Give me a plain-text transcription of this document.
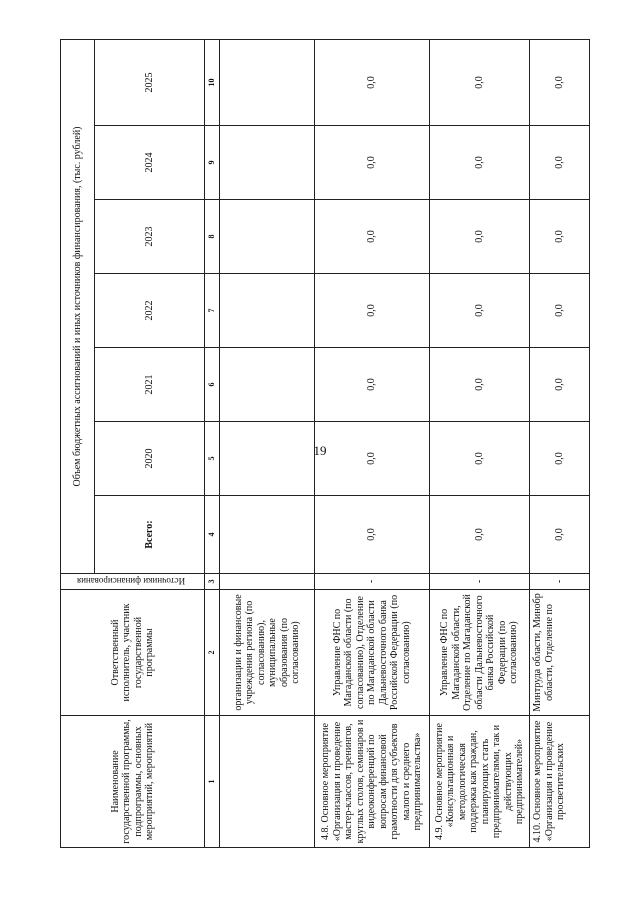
19
Наименование государственной программы, подпрограммы, основных мероприятий, мероприятий	Ответственный исполнитель, участник государственной программы	Источники финансирования	Объем бюджетных ассигнований и иных источников финансирования, (тыс. рублей)						
			Всего:	2020	2021	2022	2023	2024	2025
1	2	3	4	5	6	7	8	9	10
	организации и финансовые учреждения региона (по согласованию), муниципальные образования (по согласованию)								
4.8. Основное мероприятие «Организация и проведение мастер-классов, тренингов, круглых столов, семинаров и видеоконференций по вопросам финансовой грамотности для субъектов малого и среднего предпринимательства»	Управление ФНС по Магаданской области (по согласованию), Отделение по Магаданской области Дальневосточного банка Российской Федерации (по согласованию)	-	0,0	0,0	0,0	0,0	0,0	0,0	0,0
4.9. Основное мероприятие «Консультационная и методологическая поддержка как граждан, планирующих стать предпринимателями, так и действующих предпринимателей»	Управление ФНС по Магаданской области, Отделение по Магаданской области Дальневосточного банка Российской Федерации (по согласованию)	-	0,0	0,0	0,0	0,0	0,0	0,0	0,0
4.10. Основное мероприятие «Организация и проведение просветительских	Минтруда области, Минобр области, Отделение по	-	0,0	0,0	0,0	0,0	0,0	0,0	0,0
